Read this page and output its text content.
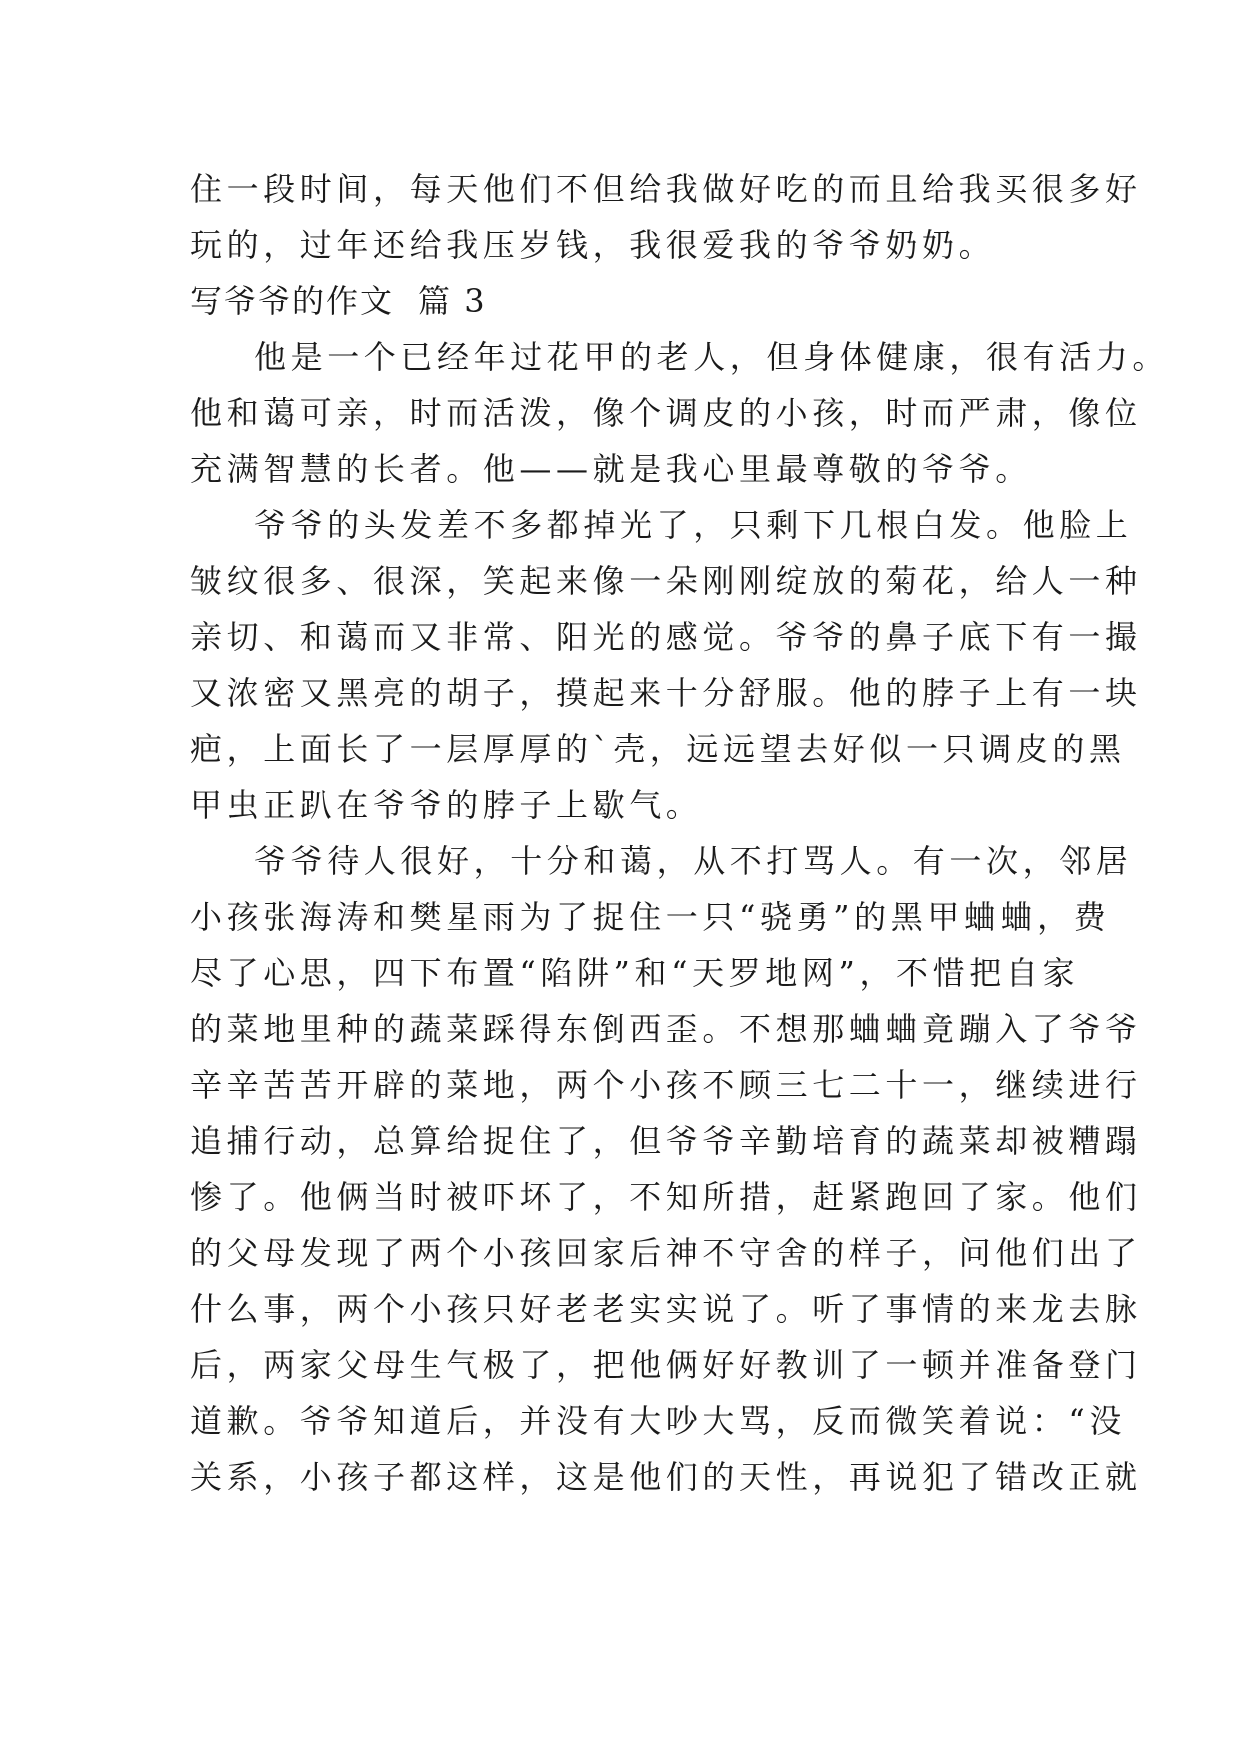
住一段时间，每天他们不但给我做好吃的而且给我买很多好
玩的，过年还给我压岁钱，我很爱我的爷爷奶奶。
写爷爷的作文 篇 3
他是一个已经年过花甲的老人，但身体健康，很有活力。
他和蔼可亲，时而活泼，像个调皮的小孩，时而严肃，像位
充满智慧的长者。他——就是我心里最尊敬的爷爷。
爷爷的头发差不多都掉光了，只剩下几根白发。他脸上
皱纹很多、很深，笑起来像一朵刚刚绽放的菊花，给人一种
亲切、和蔼而又非常、阳光的感觉。爷爷的鼻子底下有一撮
又浓密又黑亮的胡子，摸起来十分舒服。他的脖子上有一块
疤，上面长了一层厚厚的`壳，远远望去好似一只调皮的黑
甲虫正趴在爷爷的脖子上歇气。
爷爷待人很好，十分和蔼，从不打骂人。有一次，邻居
小孩张海涛和樊星雨为了捉住一只“骁勇”的黑甲蛐蛐，费
尽了心思，四下布置“陷阱”和“天罗地网”，不惜把自家
的菜地里种的蔬菜踩得东倒西歪。不想那蛐蛐竟蹦入了爷爷
辛辛苦苦开辟的菜地，两个小孩不顾三七二十一，继续进行
追捕行动，总算给捉住了，但爷爷辛勤培育的蔬菜却被糟蹋
惨了。他俩当时被吓坏了，不知所措，赶紧跑回了家。他们
的父母发现了两个小孩回家后神不守舍的样子，问他们出了
什么事，两个小孩只好老老实实说了。听了事情的来龙去脉
后，两家父母生气极了，把他俩好好教训了一顿并准备登门
道歉。爷爷知道后，并没有大吵大骂，反而微笑着说：“没
关系，小孩子都这样，这是他们的天性，再说犯了错改正就
